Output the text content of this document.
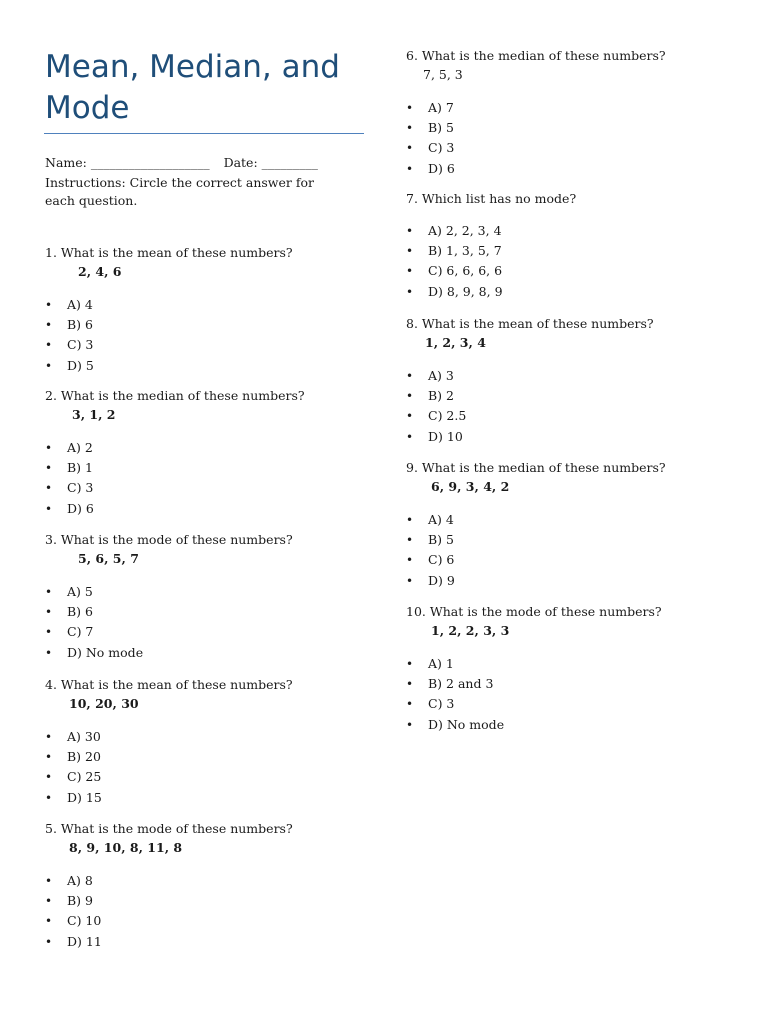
Mean, Median, and Mode
Name: ___________________ Date: _________
Instructions: Circle the correct answer for each question.
1. What is the mean of these numbers?
2, 4, 6
• A) 4
• B) 6
• C) 3
• D) 5
2. What is the median of these numbers?
3, 1, 2
• A) 2
• B) 1
• C) 3
• D) 6
3. What is the mode of these numbers?
5, 6, 5, 7
• A) 5
• B) 6
• C) 7
• D) No mode
4. What is the mean of these numbers?
10, 20, 30
• A) 30
• B) 20
• C) 25
• D) 15
5. What is the mode of these numbers?
8, 9, 10, 8, 11, 8
• A) 8
• B) 9
• C) 10
• D) 11
6. What is the median of these numbers?
7, 5, 3
• A) 7
• B) 5
• C) 3
• D) 6
7. Which list has no mode?
• A) 2, 2, 3, 4
• B) 1, 3, 5, 7
• C) 6, 6, 6, 6
• D) 8, 9, 8, 9
8. What is the mean of these numbers?
1, 2, 3, 4
• A) 3
• B) 2
• C) 2.5
• D) 10
9. What is the median of these numbers?
6, 9, 3, 4, 2
• A) 4
• B) 5
• C) 6
• D) 9
10. What is the mode of these numbers?
1, 2, 2, 3, 3
• A) 1
• B) 2 and 3
• C) 3
• D) No mode
